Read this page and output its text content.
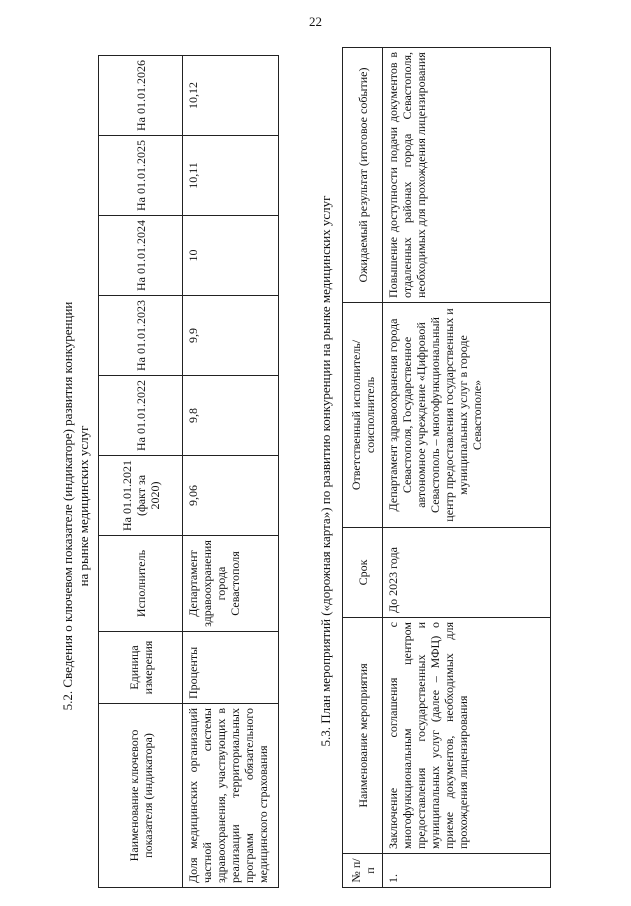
22
5.2. Сведения о ключевом показателе (индикаторе) развития конкуренции на рынке медицинских услуг
Наименование ключевого показателя (индикатора)	Единица измерения	Исполнитель	На 01.01.2021 (факт за 2020)	На 01.01.2022	На 01.01.2023	На 01.01.2024	На 01.01.2025	На 01.01.2026
Доля медицинских организаций частной системы здравоохранения, участвующих в реализации территориальных программ обязательного медицинского страхования	Проценты	Департамент здравоохранения города Севастополя	9,06	9,8	9,9	10	10,11	10,12
5.3. План мероприятий («дорожная карта») по развитию конкуренции на рынке медицинских услуг
№ п/п	Наименование мероприятия	Срок	Ответственный исполнитель/ соисполнитель	Ожидаемый результат (итоговое событие)
1.	Заключение соглашения с многофункциональным центром предоставления государственных и муниципальных услуг (далее – МФЦ) о приеме документов, необходимых для прохождения лицензирования	До 2023 года	Департамент здравоохранения города Севастополя, Государственное автономное учреждение «Цифровой Севастополь – многофункциональный центр предоставления государственных и муниципальных услуг в городе Севастополе»	Повышение доступности подачи документов в отдаленных районах города Севастополя, необходимых для прохождения лицензирования
